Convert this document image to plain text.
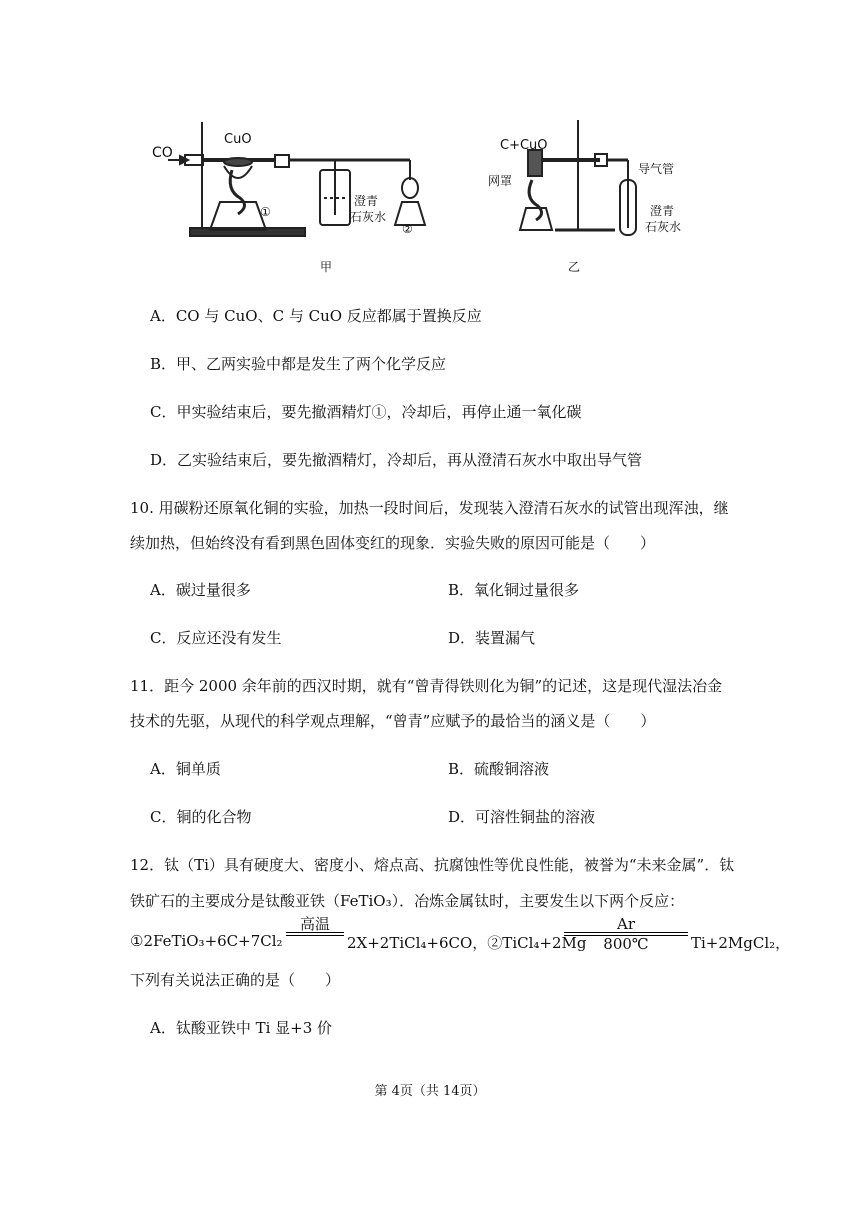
CO
CuO
①
澄青
石灰水
②
甲
C+CuO
网罩
导气管
澄青
石灰水
乙
A．CO 与 CuO、C 与 CuO 反应都属于置换反应
B．甲、乙两实验中都是发生了两个化学反应
C．甲实验结束后，要先撤酒精灯①，冷却后，再停止通一氧化碳
D．乙实验结束后，要先撤酒精灯，冷却后，再从澄清石灰水中取出导气管
10. 用碳粉还原氧化铜的实验，加热一段时间后，发现装入澄清石灰水的试管出现浑浊，继
续加热，但始终没有看到黑色固体变红的现象．实验失败的原因可能是（　　）
A．碳过量很多	B．氧化铜过量很多
C．反应还没有发生	D．装置漏气
11．距今 2000 余年前的西汉时期，就有“曾青得铁则化为铜”的记述，这是现代湿法冶金
技术的先驱，从现代的科学观点理解，“曾青”应赋予的最恰当的涵义是（　　）
A．铜单质	B．硫酸铜溶液
C．铜的化合物	D．可溶性铜盐的溶液
12．钛（Ti）具有硬度大、密度小、熔点高、抗腐蚀性等优良性能，被誉为“未来金属”．钛
铁矿石的主要成分是钛酸亚铁（FeTiO₃）．冶炼金属钛时，主要发生以下两个反应：
①2FeTiO₃+6C+7Cl₂
高温
2X+2TiCl₄+6CO，②TiCl₄+2Mg
Ar
800℃	Ti+2MgCl₂，
下列有关说法正确的是（　　）
A．钛酸亚铁中 Ti 显+3 价
第 4页（共 14页）
